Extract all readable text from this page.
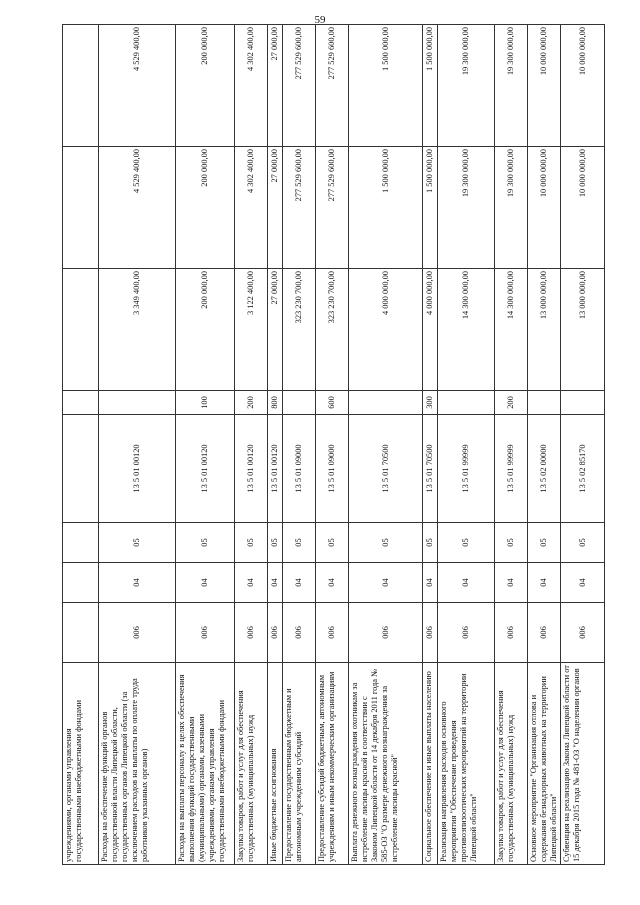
59
учреждениями, органами управления государственными внебюджетными фондами								
Расходы на обеспечение функций органов государственной власти Липецкой области, государственных органов Липецкой области (за исключением расходов на выплаты по оплате труда работников указанных органов)	006	04	05	13 5 01 00120		3 349 400,00	4 529 400,00	4 529 400,00
Расходы на выплаты персоналу в целях обеспечения выполнения функций государственными (муниципальными) органами, казенными учреждениями, органами управления государственными внебюджетными фондами	006	04	05	13 5 01 00120	100	200 000,00	200 000,00	200 000,00
Закупка товаров, работ и услуг для обеспечения государственных (муниципальных) нужд	006	04	05	13 5 01 00120	200	3 122 400,00	4 302 400,00	4 302 400,00
Иные бюджетные ассигнования	006	04	05	13 5 01 00120	800	27 000,00	27 000,00	27 000,00
Предоставление государственным бюджетным и автономным учреждениям субсидий	006	04	05	13 5 01 09000		323 230 700,00	277 529 600,00	277 529 600,00
Предоставление субсидий бюджетным, автономным учреждениям и иным некоммерческим организациям	006	04	05	13 5 01 09000	600	323 230 700,00	277 529 600,00	277 529 600,00
Выплата денежного вознаграждения охотникам за истребление лисицы красной в соответствии с Законом Липецкой области от 14 декабря 2011 года № 585-ОЗ "О размере денежного вознаграждения за истребление лисицы красной"	006	04	05	13 5 01 70500		4 000 000,00	1 500 000,00	1 500 000,00
Социальное обеспечение и иные выплаты населению	006	04	05	13 5 01 70500	300	4 000 000,00	1 500 000,00	1 500 000,00
Реализация направления расходов основного мероприятия "Обеспечение проведения противоэпизоотических мероприятий на территории Липецкой области"	006	04	05	13 5 01 99999		14 300 000,00	19 300 000,00	19 300 000,00
Закупка товаров, работ и услуг для обеспечения государственных (муниципальных) нужд	006	04	05	13 5 01 99999	200	14 300 000,00	19 300 000,00	19 300 000,00
Основное мероприятие "Организация отлова и содержания безнадзорных животных на территории Липецкой области"	006	04	05	13 5 02 00000		13 000 000,00	10 000 000,00	10 000 000,00
Субвенция на реализацию Закона Липецкой области от 15 декабря 2015 года № 481-ОЗ "О наделении органов	006	04	05	13 5 02 85170		13 000 000,00	10 000 000,00	10 000 000,00
